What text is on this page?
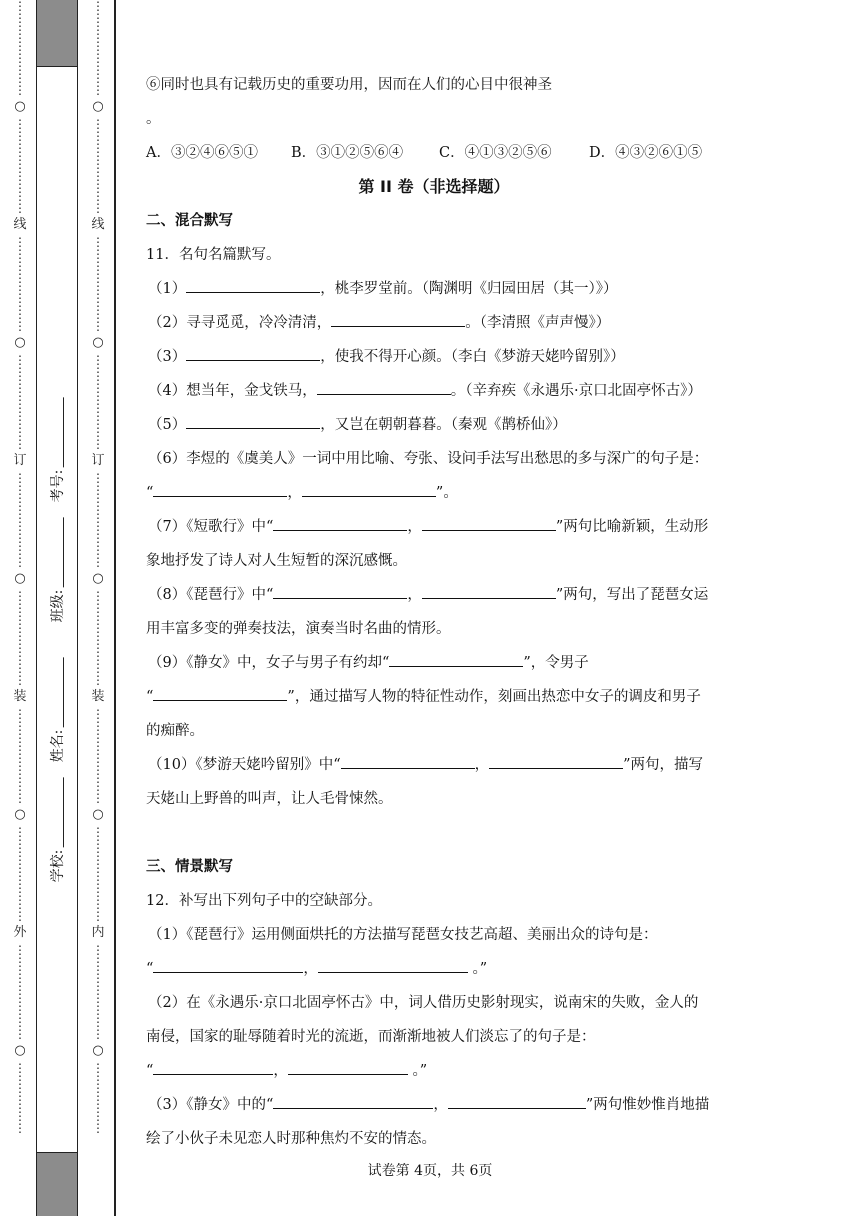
⋮
⋮
⋮
⋮
⋮
⋮
⋮
⋮
○
⋮
⋮
⋮
⋮
⋮
⋮
⋮
⋮
线
⋮
⋮
⋮
⋮
⋮
⋮
⋮
⋮
○
⋮
⋮
⋮
⋮
⋮
⋮
⋮
⋮
订
⋮
⋮
⋮
⋮
⋮
⋮
⋮
⋮
○
⋮
⋮
⋮
⋮
⋮
⋮
⋮
⋮
装
⋮
⋮
⋮
⋮
⋮
⋮
⋮
⋮
○
⋮
⋮
⋮
⋮
⋮
⋮
⋮
⋮
外
⋮
⋮
⋮
⋮
⋮
⋮
⋮
⋮
○
⋮
⋮
⋮
⋮
⋮
⋮
⋮
⋮
⋮
⋮
⋮
⋮
⋮
⋮
○
⋮
⋮
⋮
⋮
⋮
⋮
⋮
⋮
线
⋮
⋮
⋮
⋮
⋮
⋮
⋮
⋮
○
⋮
⋮
⋮
⋮
⋮
⋮
⋮
⋮
订
⋮
⋮
⋮
⋮
⋮
⋮
⋮
⋮
○
⋮
⋮
⋮
⋮
⋮
⋮
⋮
⋮
装
⋮
⋮
⋮
⋮
⋮
⋮
⋮
⋮
○
⋮
⋮
⋮
⋮
⋮
⋮
⋮
⋮
内
⋮
⋮
⋮
⋮
⋮
⋮
⋮
⋮
○
⋮
⋮
⋮
⋮
⋮
⋮
学校:
姓名:
班级:
考号:
⑥同时也具有记载历史的重要功用，因而在人们的心目中很神圣
。
A．③②④⑥⑤①	B．③①②⑤⑥④	C．④①③②⑤⑥	D．④③②⑥①⑤
第 II 卷（非选择题）
二、混合默写
11．名句名篇默写。
（1）	，桃李罗堂前。（陶渊明《归园田居（其一）》）
（2）寻寻觅觅，冷冷清清，	。（李清照《声声慢》）
（3）	，使我不得开心颜。（李白《梦游天姥吟留别》）
（4）想当年，金戈铁马，	。（辛弃疾《永遇乐·京口北固亭怀古》）
（5）	，又岂在朝朝暮暮。（秦观《鹊桥仙》）
（6）李煜的《虞美人》一词中用比喻、夸张、设问手法写出愁思的多与深广的句子是：
“	，	”。
（7）《短歌行》中“	，	”两句比喻新颖，生动形
象地抒发了诗人对人生短暂的深沉感慨。
（8）《琵琶行》中“	，	”两句，写出了琵琶女运
用丰富多变的弹奏技法，演奏当时名曲的情形。
（9）《静女》中，女子与男子有约却“	”，令男子
“	”，通过描写人物的特征性动作，刻画出热恋中女子的调皮和男子
的痴醉。
（10）《梦游天姥吟留别》中“	，	”两句，描写
天姥山上野兽的叫声，让人毛骨悚然。
三、情景默写
12．补写出下列句子中的空缺部分。
（1）《琵琶行》运用侧面烘托的方法描写琵琶女技艺高超、美丽出众的诗句是：
“	，	。”
（2）在《永遇乐·京口北固亭怀古》中，词人借历史影射现实，说南宋的失败，金人的
南侵，国家的耻辱随着时光的流逝，而渐渐地被人们淡忘了的句子是：
“	，	。”
（3）《静女》中的“	，	”两句惟妙惟肖地描
绘了小伙子未见恋人时那种焦灼不安的情态。
试卷第 4页，共 6页
